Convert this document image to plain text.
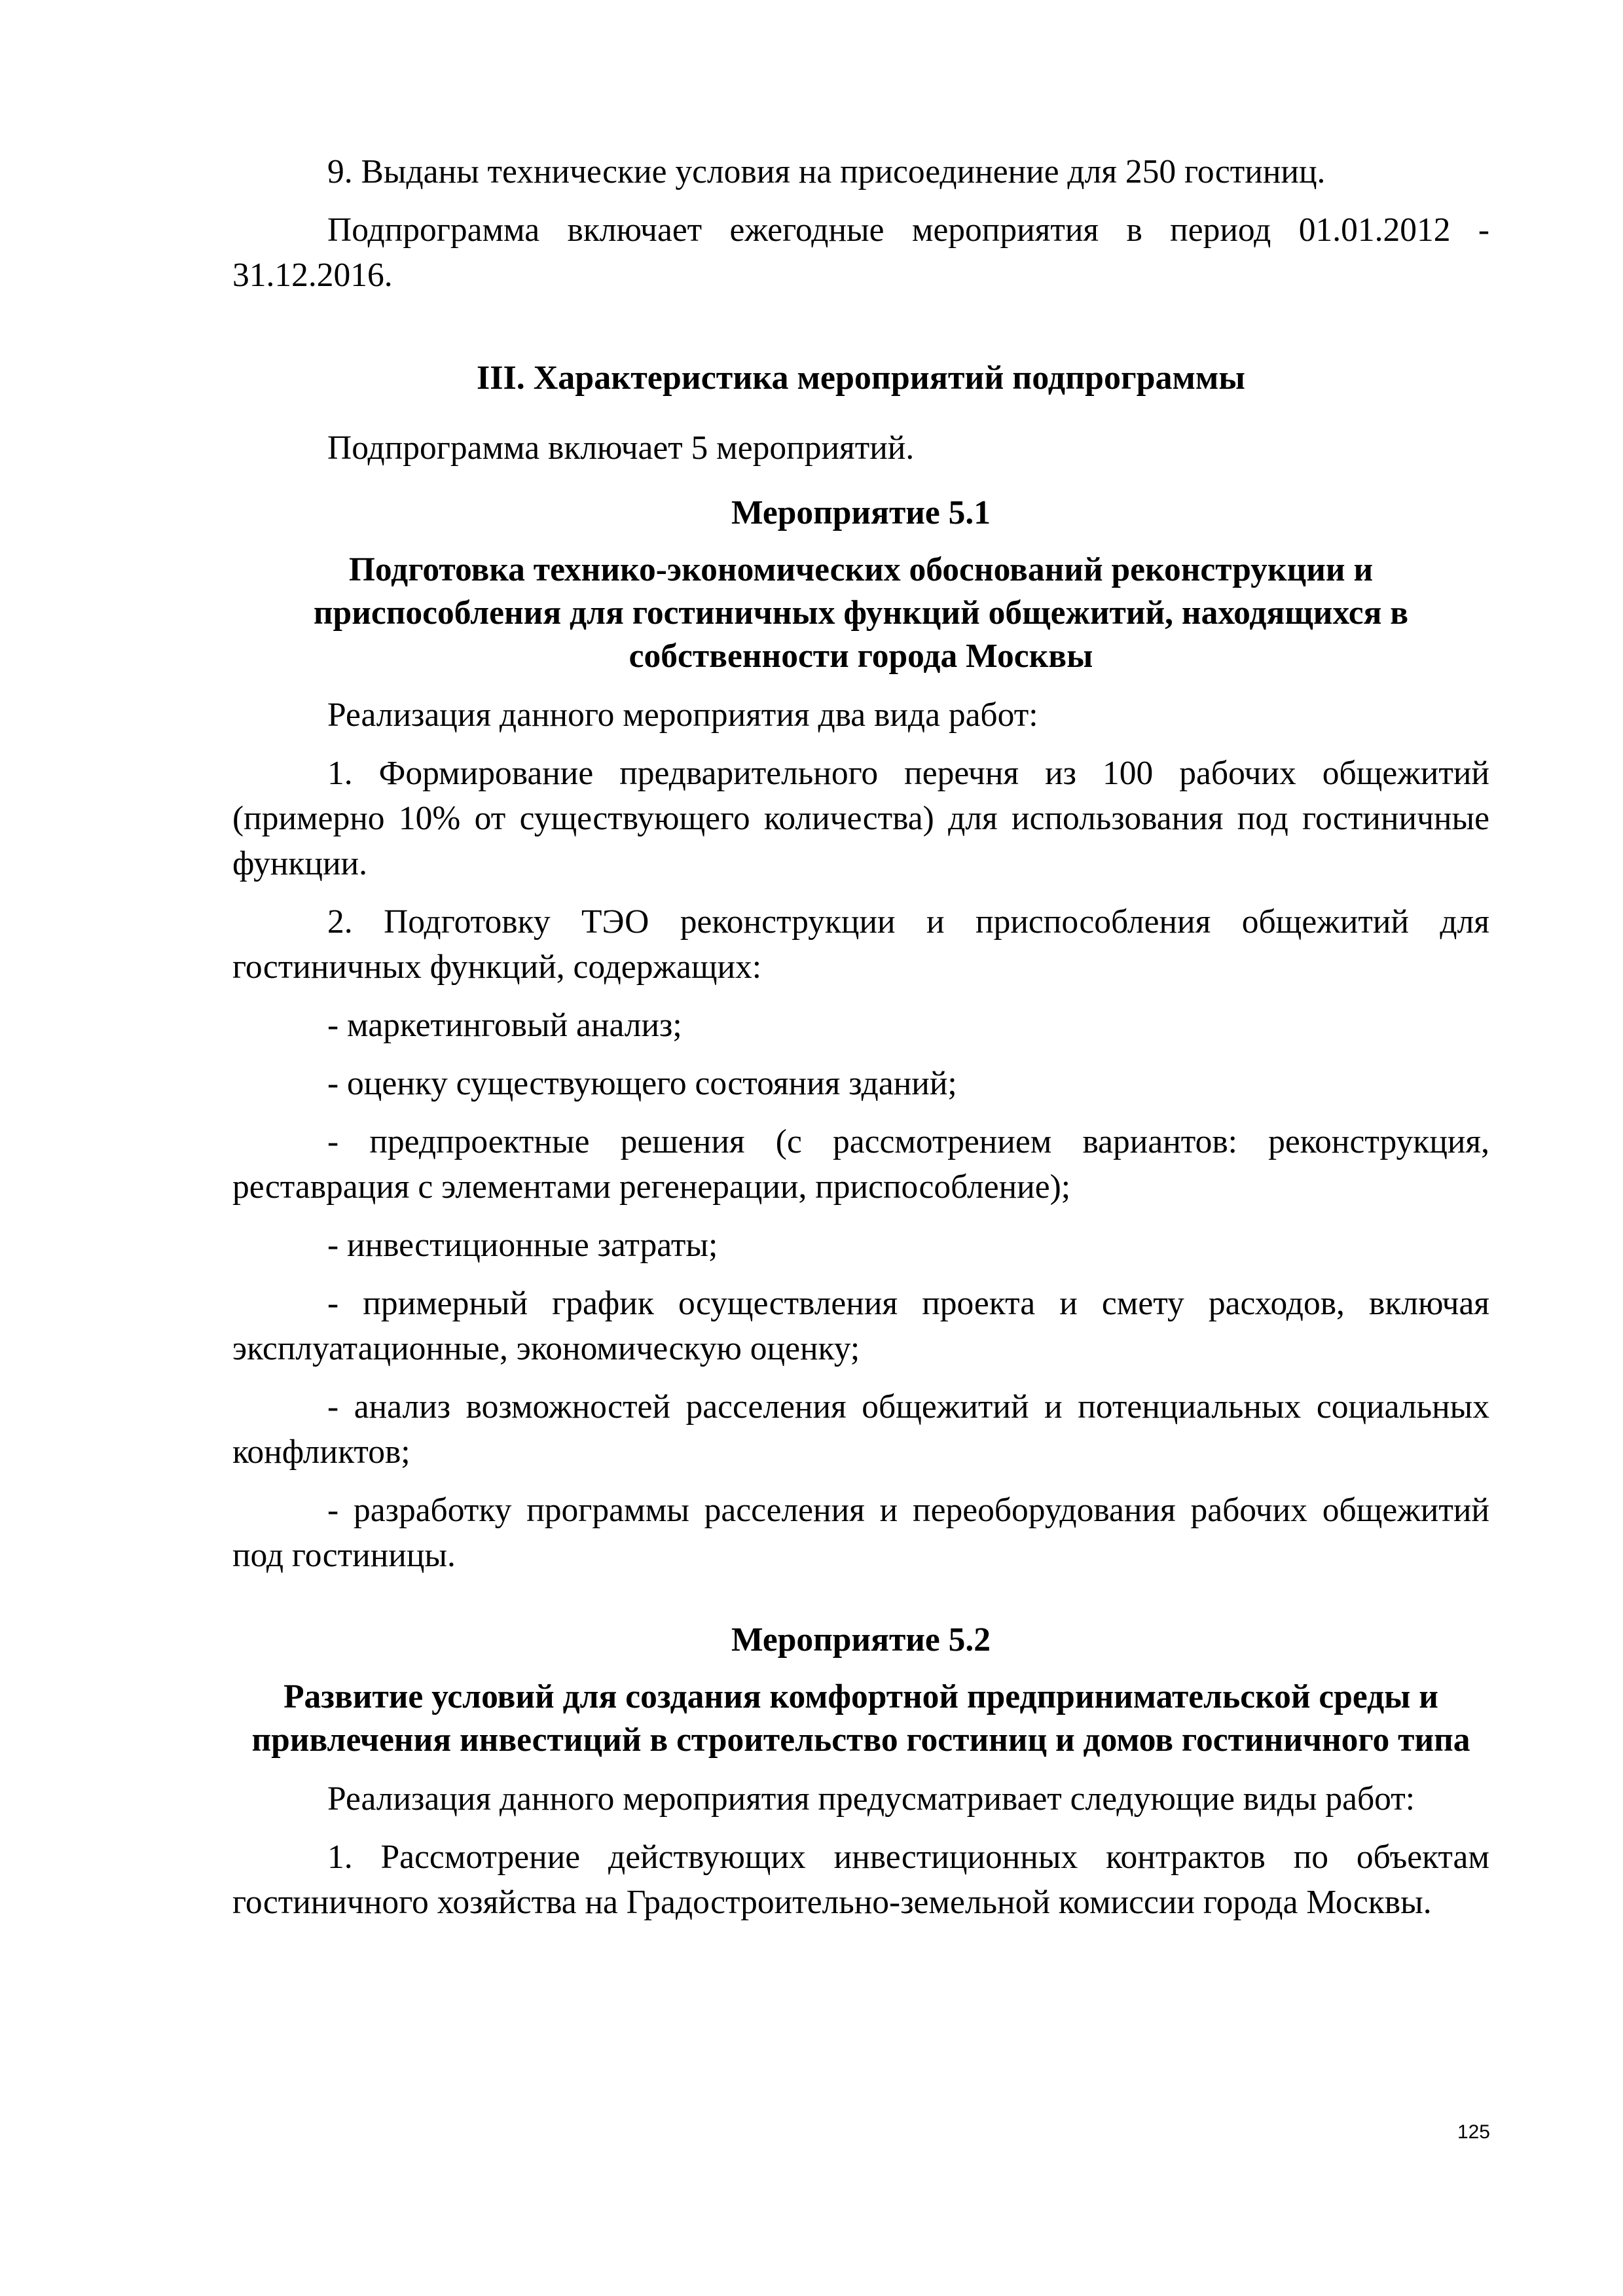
9. Выданы технические условия на присоединение для 250 гостиниц.

Подпрограмма включает ежегодные мероприятия в период 01.01.2012 - 31.12.2016.

III. Характеристика мероприятий подпрограммы

Подпрограмма включает 5 мероприятий.

Мероприятие 5.1
Подготовка технико-экономических обоснований реконструкции и приспособления для гостиничных функций общежитий, находящихся в собственности города Москвы

Реализация данного мероприятия два вида работ:

1. Формирование предварительного перечня из 100 рабочих общежитий (примерно 10% от существующего количества) для использования под гостиничные функции.

2. Подготовку ТЭО реконструкции и приспособления общежитий для гостиничных функций, содержащих:

- маркетинговый анализ;

- оценку существующего состояния зданий;

- предпроектные решения (с рассмотрением вариантов: реконструкция, реставрация с элементами регенерации, приспособление);

- инвестиционные затраты;

- примерный график осуществления проекта и смету расходов, включая эксплуатационные, экономическую оценку;

- анализ возможностей расселения общежитий и потенциальных социальных конфликтов;

- разработку программы расселения и переоборудования рабочих общежитий под гостиницы.

Мероприятие 5.2
Развитие условий для создания комфортной предпринимательской среды и привлечения инвестиций в строительство гостиниц и домов гостиничного типа

Реализация данного мероприятия предусматривает следующие виды работ:

1. Рассмотрение действующих инвестиционных контрактов по объектам гостиничного хозяйства на Градостроительно-земельной комиссии города Москвы.

125
